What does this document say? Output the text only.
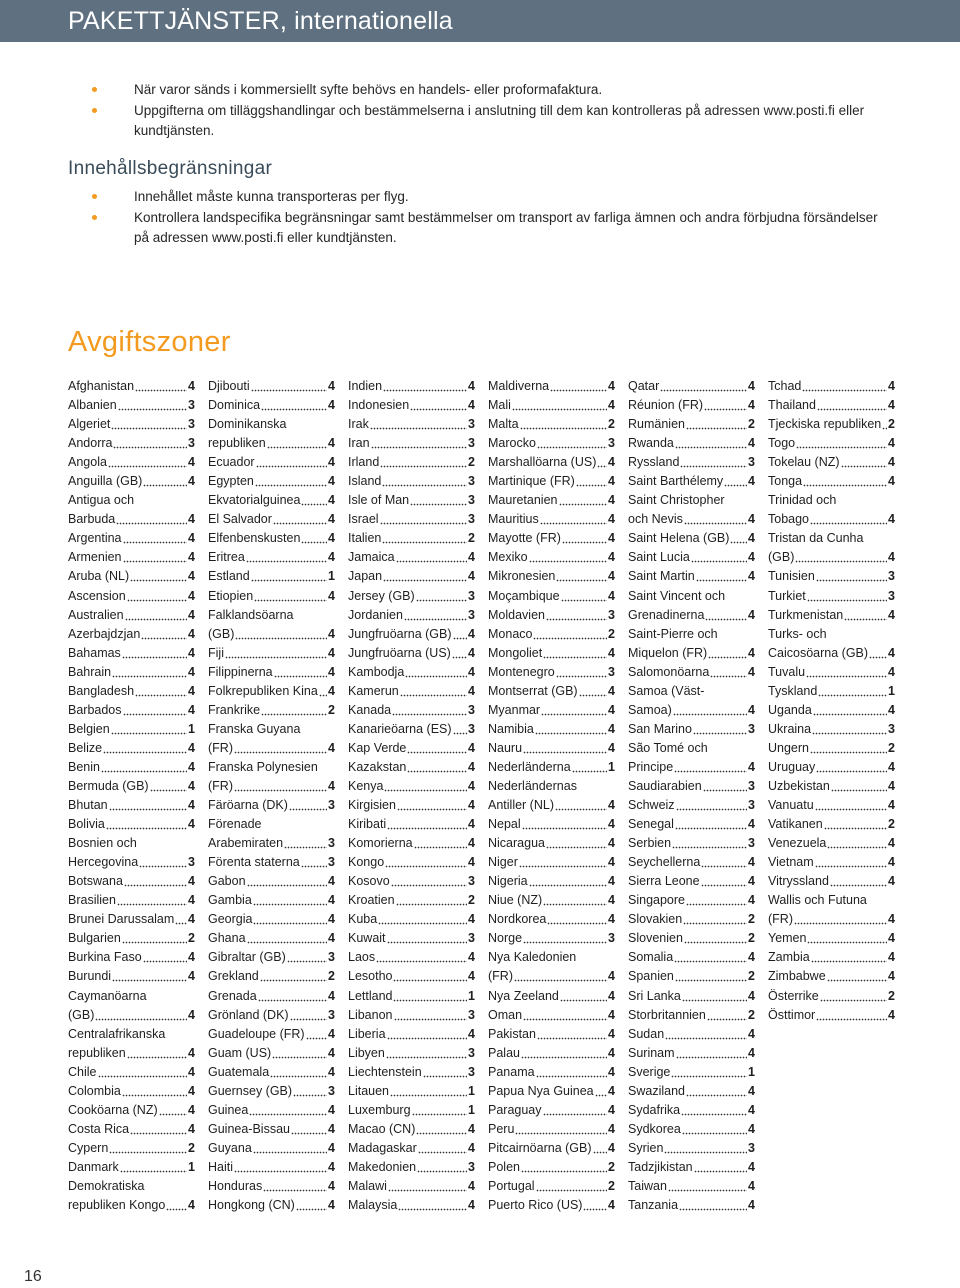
PAKETTJÄNSTER, internationella
När varor sänds i kommersiellt syfte behövs en handels- eller proformafaktura.
Uppgifterna om tilläggshandlingar och bestämmelserna i anslutning till dem kan kontrolleras på adressen www.posti.fi eller kundtjänsten.
Innehållsbegränsningar
Innehållet måste kunna transporteras per flyg.
Kontrollera landspecifika begränsningar samt bestämmelser om transport av farliga ämnen och andra förbjudna försändelser på adressen www.posti.fi eller kundtjänsten.
Avgiftszoner
Afghanistan	4
Albanien	3
Algeriet	3
Andorra	3
Angola	4
Anguilla (GB)	4
Antigua och
Barbuda	4
Argentina	4
Armenien	4
Aruba (NL)	4
Ascension	4
Australien	4
Azerbajdzjan	4
Bahamas	4
Bahrain	4
Bangladesh	4
Barbados	4
Belgien	1
Belize	4
Benin	4
Bermuda (GB)	4
Bhutan	4
Bolivia	4
Bosnien och
Hercegovina	3
Botswana	4
Brasilien	4
Brunei Darussalam 4
Bulgarien	2
Burkina Faso	4
Burundi	4
Caymanöarna
(GB)	4
Centralafrikanska
republiken	4
Chile	4
Colombia	4
Cooköarna (NZ) 4
Costa Rica	4
Cypern	2
Danmark	1
Demokratiska
republiken Kongo 4
Djibouti	4
Dominica	4
Dominikanska
republiken	4
Ecuador	4
Egypten	4
Ekvatorialguinea 4
El Salvador	4
Elfenbenskusten 4
Eritrea	4
Estland	1
Etiopien	4
Falklandsöarna
(GB)	4
Fiji	4
Filippinerna	4
Folkrepubliken Kina 4
Frankrike	2
Franska Guyana
(FR)	4
Franska Polynesien
(FR)	4
Färöarna (DK)	3
Förenade
Arabemiraten	3
Förenta staterna 3
Gabon	4
Gambia	4
Georgia	4
Ghana	4
Gibraltar (GB)	3
Grekland	2
Grenada	4
Grönland (DK)	3
Guadeloupe (FR) 4
Guam (US)	4
Guatemala	4
Guernsey (GB)	3
Guinea	4
Guinea-Bissau	4
Guyana	4
Haiti	4
Honduras	4
Hongkong (CN)	4
Indien	4
Indonesien	4
Irak	3
Iran	3
Irland	2
Island	3
Isle of Man	3
Israel	3
Italien	2
Jamaica	4
Japan	4
Jersey (GB)	3
Jordanien	3
Jungfruöarna (GB) 4
Jungfruöarna (US) 4
Kambodja	4
Kamerun	4
Kanada	3
Kanarieöarna (ES) 3
Kap Verde	4
Kazakstan	4
Kenya	4
Kirgisien	4
Kiribati	4
Komorierna	4
Kongo	4
Kosovo	3
Kroatien	2
Kuba	4
Kuwait	3
Laos	4
Lesotho	4
Lettland	1
Libanon	3
Liberia	4
Libyen	3
Liechtenstein	3
Litauen	1
Luxemburg	1
Macao (CN)	4
Madagaskar	4
Makedonien	3
Malawi	4
Malaysia	4
Maldiverna	4
Mali	4
Malta	2
Marocko	3
Marshallöarna (US) 4
Martinique (FR)	4
Mauretanien	4
Mauritius	4
Mayotte (FR)	4
Mexiko	4
Mikronesien	4
Moçambique	4
Moldavien	3
Monaco	2
Mongoliet	4
Montenegro	3
Montserrat (GB) 4
Myanmar	4
Namibia	4
Nauru	4
Nederländerna	1
Nederländernas
Antiller (NL)	4
Nepal	4
Nicaragua	4
Niger	4
Nigeria	4
Niue (NZ)	4
Nordkorea	4
Norge	3
Nya Kaledonien
(FR)	4
Nya Zeeland	4
Oman	4
Pakistan	4
Palau	4
Panama	4
Papua Nya Guinea 4
Paraguay	4
Peru	4
Pitcairnöarna (GB) 4
Polen	2
Portugal	2
Puerto Rico (US) 4
Qatar	4
Réunion (FR)	4
Rumänien	2
Rwanda	4
Ryssland	3
Saint Barthélemy 4
Saint Christopher
och Nevis	4
Saint Helena (GB) 4
Saint Lucia	4
Saint Martin	4
Saint Vincent och
Grenadinerna	4
Saint-Pierre och
Miquelon (FR)	4
Salomonöarna	4
Samoa (Väst-
Samoa)	4
San Marino	3
São Tomé och
Principe	4
Saudiarabien	3
Schweiz	3
Senegal	4
Serbien	3
Seychellerna	4
Sierra Leone	4
Singapore	4
Slovakien	2
Slovenien	2
Somalia	4
Spanien	2
Sri Lanka	4
Storbritannien	2
Sudan	4
Surinam	4
Sverige	1
Swaziland	4
Sydafrika	4
Sydkorea	4
Syrien	3
Tadzjikistan	4
Taiwan	4
Tanzania	4
Tchad	4
Thailand	4
Tjeckiska republiken 2
Togo	4
Tokelau (NZ)	4
Tonga	4
Trinidad och
Tobago	4
Tristan da Cunha
(GB)	4
Tunisien	3
Turkiet	3
Turkmenistan	4
Turks- och
Caicosöarna (GB) 4
Tuvalu	4
Tyskland	1
Uganda	4
Ukraina	3
Ungern	2
Uruguay	4
Uzbekistan	4
Vanuatu	4
Vatikanen	2
Venezuela	4
Vietnam	4
Vitryssland	4
Wallis och Futuna
(FR)	4
Yemen	4
Zambia	4
Zimbabwe	4
Österrike	2
Östtimor	4
16
